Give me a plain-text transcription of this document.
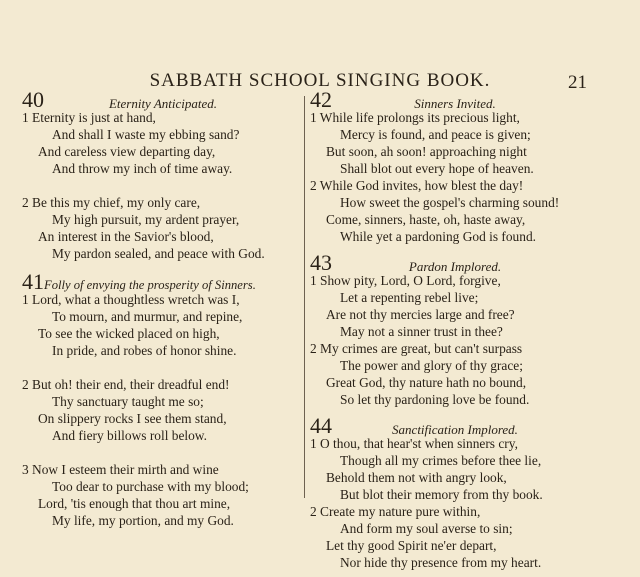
SABBATH SCHOOL SINGING BOOK.	21
40	Eternity Anticipated.
1 Eternity is just at hand,
And shall I waste my ebbing sand?
And careless view departing day,
And throw my inch of time away.
2 Be this my chief, my only care,
My high pursuit, my ardent prayer,
An interest in the Savior's blood,
My pardon sealed, and peace with God.
41 Folly of envying the prosperity of Sinners.
1 Lord, what a thoughtless wretch was I,
To mourn, and murmur, and repine,
To see the wicked placed on high,
In pride, and robes of honor shine.
2 But oh! their end, their dreadful end!
Thy sanctuary taught me so;
On slippery rocks I see them stand,
And fiery billows roll below.
3 Now I esteem their mirth and wine
Too dear to purchase with my blood;
Lord, 'tis enough that thou art mine,
My life, my portion, and my God.
42	Sinners Invited.
1 While life prolongs its precious light,
Mercy is found, and peace is given;
But soon, ah soon! approaching night
Shall blot out every hope of heaven.
2 While God invites, how blest the day!
How sweet the gospel's charming sound!
Come, sinners, haste, oh, haste away,
While yet a pardoning God is found.
43	Pardon Implored.
1 Show pity, Lord, O Lord, forgive,
Let a repenting rebel live;
Are not thy mercies large and free?
May not a sinner trust in thee?
2 My crimes are great, but can't surpass
The power and glory of thy grace;
Great God, thy nature hath no bound,
So let thy pardoning love be found.
44	Sanctification Implored.
1 O thou, that hear'st when sinners cry,
Though all my crimes before thee lie,
Behold them not with angry look,
But blot their memory from thy book.
2 Create my nature pure within,
And form my soul averse to sin;
Let thy good Spirit ne'er depart,
Nor hide thy presence from my heart.
